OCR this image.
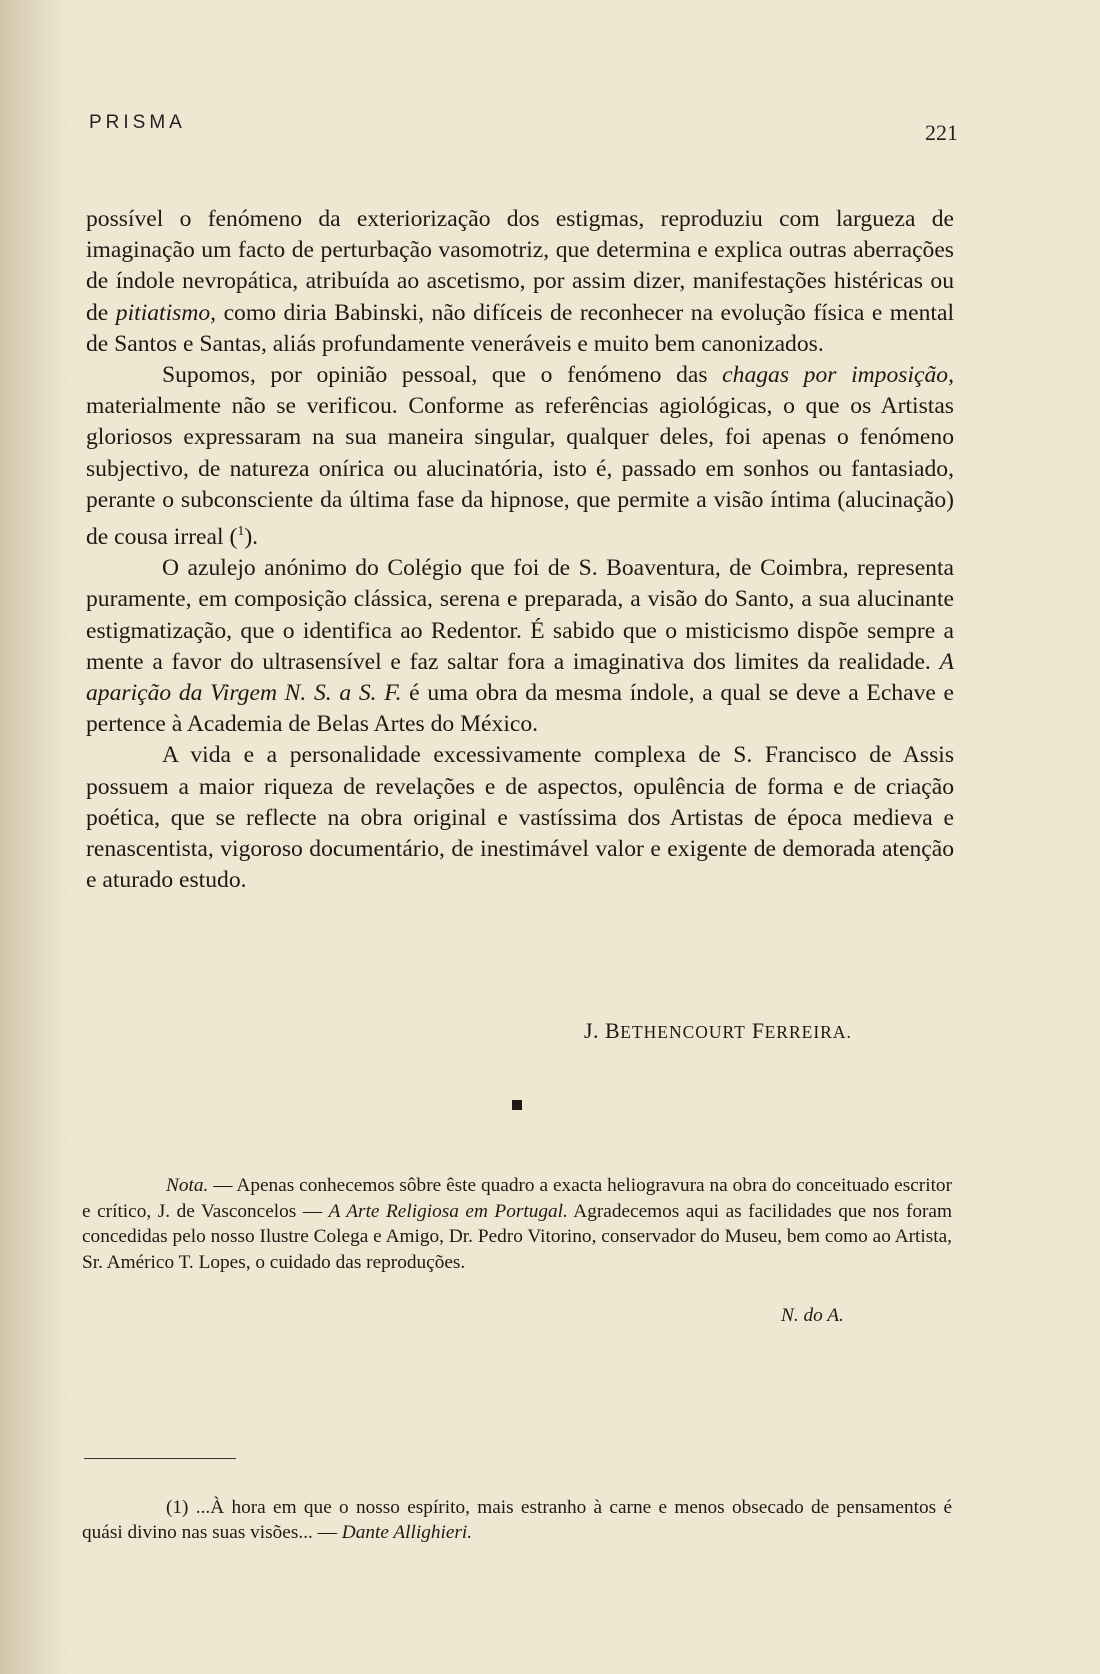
PRISMA	221

possível o fenómeno da exteriorização dos estigmas, reproduziu com largueza de imaginação um facto de perturbação vasomotriz, que determina e explica outras aberrações de índole nevropática, atribuída ao ascetismo, por assim dizer, manifestações histéricas ou de pitiatismo, como diria Babinski, não difíceis de reconhecer na evolução física e mental de Santos e Santas, aliás profundamente veneráveis e muito bem canonizados.

Supomos, por opinião pessoal, que o fenómeno das chagas por imposição, materialmente não se verificou. Conforme as referências agiológicas, o que os Artistas gloriosos expressaram na sua maneira singular, qualquer deles, foi apenas o fenómeno subjectivo, de natureza onírica ou alucinatória, isto é, passado em sonhos ou fantasiado, perante o subconsciente da última fase da hipnose, que permite a visão íntima (alucinação) de cousa irreal ($^1$).

O azulejo anónimo do Colégio que foi de S. Boaventura, de Coimbra, representa puramente, em composição clássica, serena e preparada, a visão do Santo, a sua alucinante estigmatização, que o identifica ao Redentor. É sabido que o misticismo dispõe sempre a mente a favor do ultrasensível e faz saltar fora a imaginativa dos limites da realidade. A aparição da Virgem N. S. a S. F. é uma obra da mesma índole, a qual se deve a Echave e pertence à Academia de Belas Artes do México.

A vida e a personalidade excessivamente complexa de S. Francisco de Assis possuem a maior riqueza de revelações e de aspectos, opulência de forma e de criação poética, que se reflecte na obra original e vastíssima dos Artistas de época medieva e renascentista, vigoroso documentário, de inestimável valor e exigente de demorada atenção e aturado estudo.

J. BETHENCOURT FERREIRA.

Nota. — Apenas conhecemos sôbre êste quadro a exacta heliogravura na obra do conceituado escritor e crítico, J. de Vasconcelos — A Arte Religiosa em Portugal. Agradecemos aqui as facilidades que nos foram concedidas pelo nosso Ilustre Colega e Amigo, Dr. Pedro Vitorino, conservador do Museu, bem como ao Artista, Sr. Américo T. Lopes, o cuidado das reproduções.

N. do A.

(1) ...À hora em que o nosso espírito, mais estranho à carne e menos obsecado de pensamentos é quási divino nas suas visões... — Dante Allighieri.
